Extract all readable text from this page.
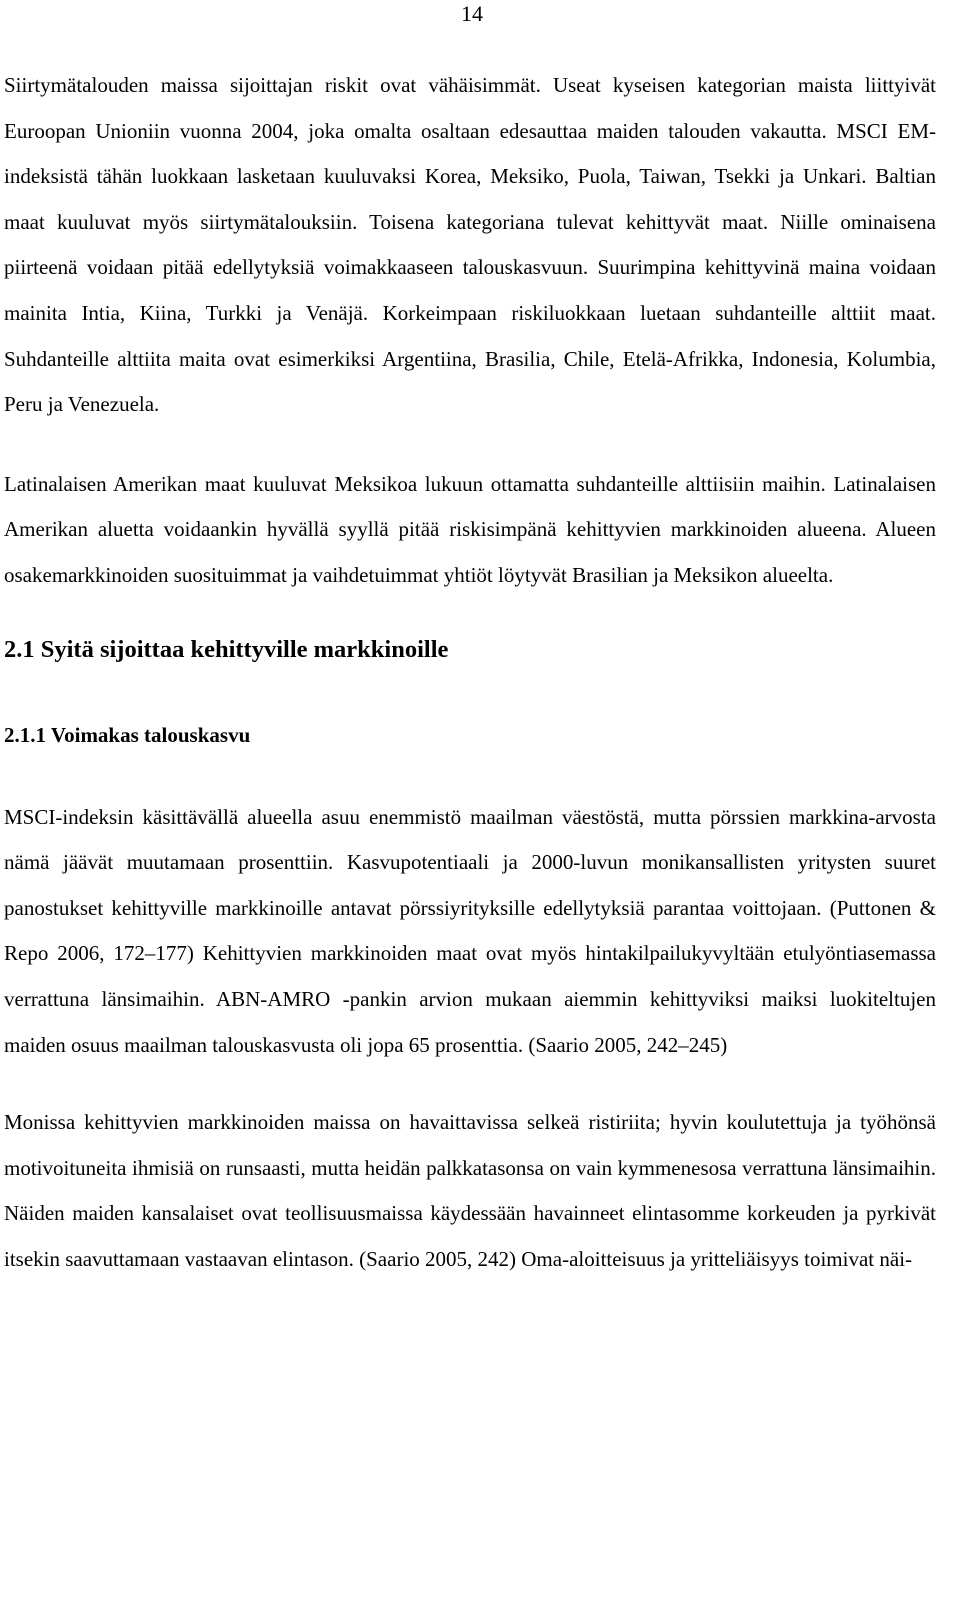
14

Siirtymätalouden maissa sijoittajan riskit ovat vähäisimmät. Useat kyseisen kategorian maista liittyivät Euroopan Unioniin vuonna 2004, joka omalta osaltaan edesauttaa maiden talouden vakautta. MSCI EM-indeksistä tähän luokkaan lasketaan kuuluvaksi Korea, Meksiko, Puola, Taiwan, Tsekki ja Unkari. Baltian maat kuuluvat myös siirtymätalouksiin. Toisena kategoriana tulevat kehittyvät maat. Niille ominaisena piirteenä voidaan pitää edellytyksiä voimakkaaseen talouskasvuun. Suurimpina kehittyvinä maina voidaan mainita Intia, Kiina, Turkki ja Venäjä. Korkeimpaan riskiluokkaan luetaan suhdanteille alttiit maat. Suhdanteille alttiita maita ovat esimerkiksi Argentiina, Brasilia, Chile, Etelä-Afrikka, Indonesia, Kolumbia, Peru ja Venezuela.

Latinalaisen Amerikan maat kuuluvat Meksikoa lukuun ottamatta suhdanteille alttiisiin maihin. Latinalaisen Amerikan aluetta voidaankin hyvällä syyllä pitää riskisimpänä kehittyvien markkinoiden alueena. Alueen osakemarkkinoiden suosituimmat ja vaihdetuimmat yhtiöt löytyvät Brasilian ja Meksikon alueelta.

2.1 Syitä sijoittaa kehittyville markkinoille
2.1.1 Voimakas talouskasvu

MSCI-indeksin käsittävällä alueella asuu enemmistö maailman väestöstä, mutta pörssien markkina-arvosta nämä jäävät muutamaan prosenttiin. Kasvupotentiaali ja 2000-luvun monikansallisten yritysten suuret panostukset kehittyville markkinoille antavat pörssiyrityksille edellytyksiä parantaa voittojaan. (Puttonen & Repo 2006, 172–177) Kehittyvien markkinoiden maat ovat myös hintakilpailukyvyltään etulyöntiasemassa verrattuna länsimaihin. ABN-AMRO -pankin arvion mukaan aiemmin kehittyviksi maiksi luokiteltujen maiden osuus maailman talouskasvusta oli jopa 65 prosenttia. (Saario 2005, 242–245)

Monissa kehittyvien markkinoiden maissa on havaittavissa selkeä ristiriita; hyvin koulutettuja ja työhönsä motivoituneita ihmisiä on runsaasti, mutta heidän palkkatasonsa on vain kymmenesosa verrattuna länsimaihin. Näiden maiden kansalaiset ovat teollisuusmaissa käydessään havainneet elintasomme korkeuden ja pyrkivät itsekin saavuttamaan vastaavan elintason. (Saario 2005, 242) Oma-aloitteisuus ja yritteliäisyys toimivat näi-
